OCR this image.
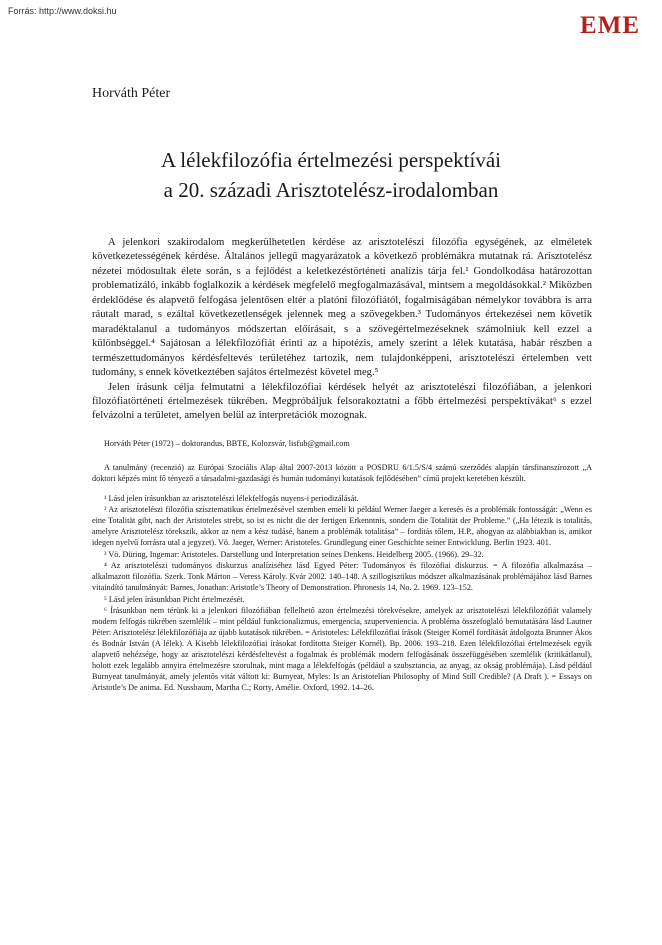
Forrás: http://www.doksi.hu
EME
Horváth Péter
A lélekfilozófia értelmezési perspektívái
a 20. századi Arisztotelész-irodalomban

A jelenkori szakirodalom megkerülhetetlen kérdése az arisztotelészi filozófia egységének, az elméletek következetességének kérdése. Általános jellegű magyarázatok a következő problémákra mutatnak rá. Arisztotelész nézetei módosultak élete során, s a fejlődést a keletkezéstörténeti analízis tárja fel.¹ Gondolkodása határozottan problematizáló, inkább foglalkozik a kérdések megfelelő megfogalmazásával, mintsem a megoldásokkal.² Miközben érdeklődése és alapvető felfogása jelentősen eltér a platóni filozófiától, fogalmiságában némelykor továbbra is arra ráutalt marad, s ezáltal következetlenségek jelennek meg a szövegekben.³ Tudományos értekezései nem követik maradéktalanul a tudományos módszertan előírásait, s a szövegértelmezéseknek számolniuk kell ezzel a különbséggel.⁴ Sajátosan a lélekfilozófiát érinti az a hipotézis, amely szerint a lélek kutatása, habár részben a természettudományos kérdésfeltevés területéhez tartozik, nem tulajdonképpeni, arisztotelészi értelemben vett tudomány, s ennek következtében sajátos értelmezést követel meg.⁵

Jelen írásunk célja felmutatni a lélekfilozófiai kérdések helyét az arisztotelészi filozófiában, a jelenkori filozófiatörténeti értelmezések tükrében. Megpróbáljuk felsorakoztatni a főbb értelmezési perspektívákat⁶ s ezzel felvázolni a területet, amelyen belül az interpretációk mozognak.

Horváth Péter (1972) – doktorandus, BBTE, Kolozsvár, lisfub@gmail.com

A tanulmány (recenzió) az Európai Szociális Alap által 2007-2013 között a POSDRU 6/1.5/S/4 számú szerződés alapján társfinanszírozott „A doktori képzés mint fő tényező a társadalmi-gazdasági és humán tudományi kutatások fejlődésében” című projekt keretében készült.

¹ Lásd jelen írásunkban az arisztotelészi lélekfelfogás nuyens-i periodizálását.

² Az arisztotelészi filozófia szisztematikus értelmezésével szemben emeli ki például Werner Jaeger a keresés és a problémák fontosságát: „Wenn es eine Totalität gibt, nach der Aristoteles strebt, so ist es nicht die der fertigen Erkenntnis, sondern die Totalität der Probleme.” („Ha létezik is totalitás, amelyre Arisztotelész törekszik, akkor az nem a kész tudásé, hanem a problémák totalitása” – fordítás tőlem, H.P., ahogyan az alábbiakban is, amikor idegen nyelvű forrásra utal a jegyzet). Vö. Jaeger, Werner: Aristoteles. Grundlegung einer Geschichte seiner Entwicklung. Berlin 1923. 401.

³ Vö. Düring, Ingemar: Aristoteles. Darstellung und Interpretation seines Denkens. Heidelberg 2005. (1966). 29–32.

⁴ Az arisztotelészi tudományos diskurzus analíziséhez lásd Egyed Péter: Tudományos és filozófiai diskurzus. = A filozófia alkalmazása – alkalmazott filozófia. Szerk. Tonk Márton – Veress Károly. Kvár 2002. 140–148. A szillogisztikus módszer alkalmazásának problémájához lásd Barnes vitaindító tanulmányát: Barnes, Jonathan: Aristotle’s Theory of Demonstration. Phronesis 14, No. 2. 1969. 123–152.

⁵ Lásd jelen írásunkban Picht értelmezését.

⁶ Írásunkban nem térünk ki a jelenkori filozófiában fellelhető azon értelmezési törekvésekre, amelyek az arisztotelészi lélekfilozófiát valamely modern felfogás tükrében szemlélik – mint például funkcionalizmus, emergencia, szuperveniencia. A probléma összefoglaló bemutatására lásd Lautner Péter: Arisztotelész lélekfilozófiája az újabb kutatások tükrében. = Aristoteles: Lélekfilozófiai írások (Steiger Kornél fordítását átdolgozta Brunner Ákos és Bodnár István (A lélek). A Kisebb lélekfilozófiai írásokat fordította Steiger Kornél). Bp. 2006. 193–218. Ezen lélekfilozófiai értelmezések egyik alapvető nehézsége, hogy az arisztotelészi kérdésfeltevést a fogalmak és problémák modern felfogásának összefüggésében szemlélik (kritikátlanul), holott ezek legalább annyira értelmezésre szorulnak, mint maga a lélekfelfogás (például a szubsztancia, az anyag, az okság problémája). Lásd például Burnyeat tanulmányát, amely jelentős vitát váltott ki: Burnyeat, Myles: Is an Aristotelian Philosophy of Mind Still Credible? (A Draft ). = Essays on Aristotle’s De anima. Ed. Nussbaum, Martha C.; Rorty, Amélie. Oxford, 1992. 14–26.
